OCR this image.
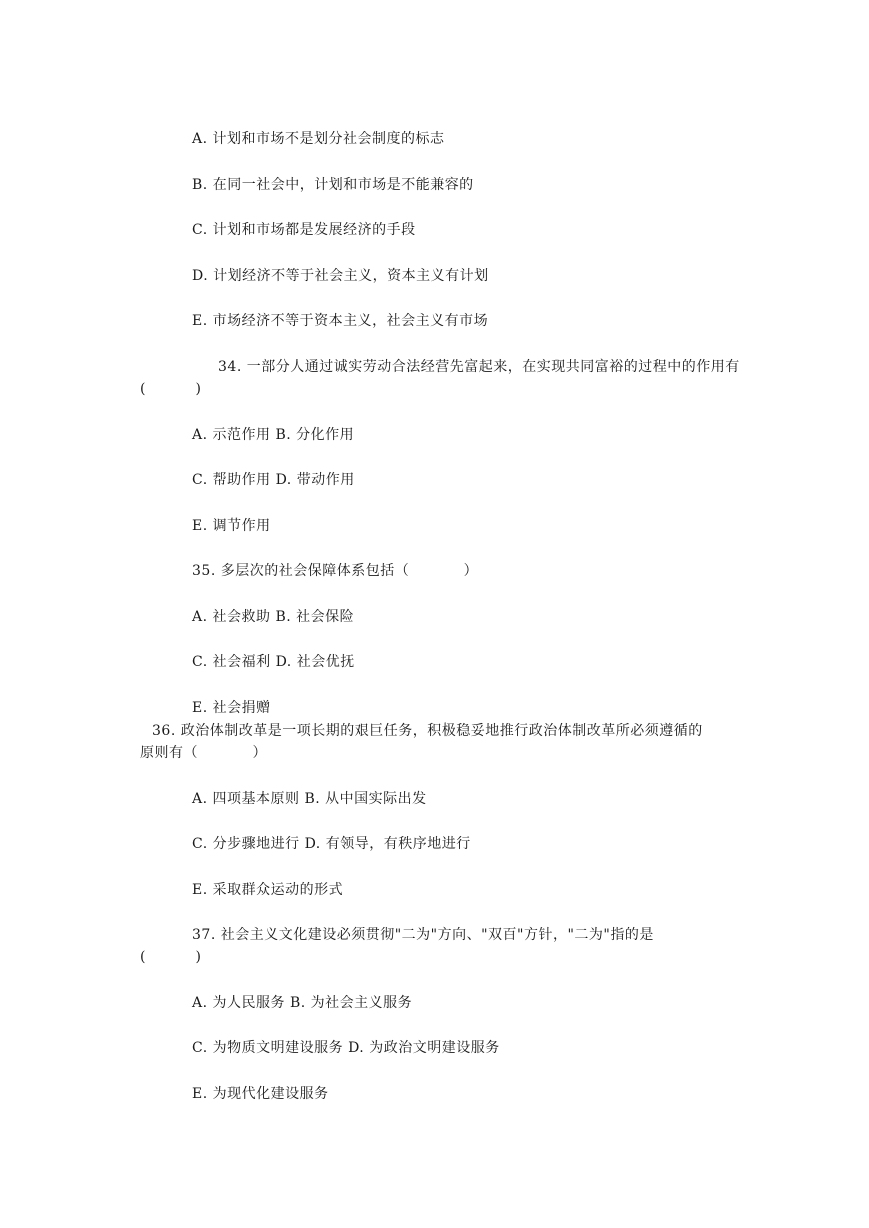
A. 计划和市场不是划分社会制度的标志
B. 在同一社会中，计划和市场是不能兼容的
C. 计划和市场都是发展经济的手段
D. 计划经济不等于社会主义，资本主义有计划
E. 市场经济不等于资本主义，社会主义有市场
34. 一部分人通过诚实劳动合法经营先富起来，在实现共同富裕的过程中的作用有
(          )
A. 示范作用 B. 分化作用
C. 帮助作用 D. 带动作用
E. 调节作用
35. 多层次的社会保障体系包括（           ）
A. 社会救助 B. 社会保险
C. 社会福利 D. 社会优抚
E. 社会捐赠
36. 政治体制改革是一项长期的艰巨任务，积极稳妥地推行政治体制改革所必须遵循的
原则有（           ）
A. 四项基本原则 B. 从中国实际出发
C. 分步骤地进行 D. 有领导，有秩序地进行
E. 采取群众运动的形式
37. 社会主义文化建设必须贯彻"二为"方向、"双百"方针，"二为"指的是
(          )
A. 为人民服务 B. 为社会主义服务
C. 为物质文明建设服务 D. 为政治文明建设服务
E. 为现代化建设服务
